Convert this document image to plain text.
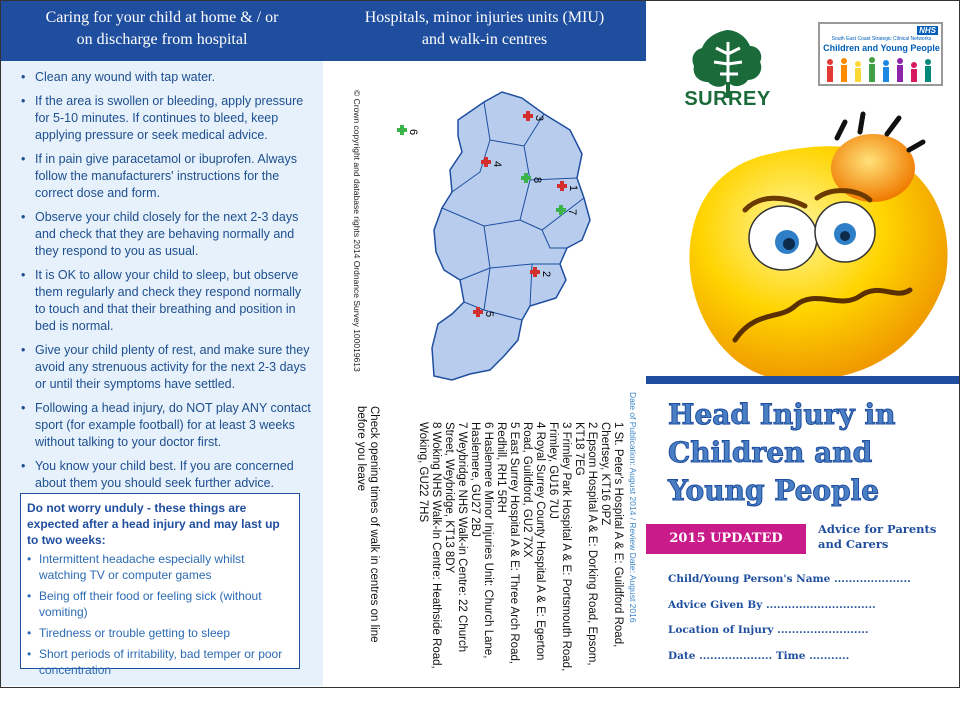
Caring for your child at home & / or
on discharge from hospital
• Clean any wound with tap water.
• If the area is swollen or bleeding, apply pressure for 5-10 minutes. If continues to bleed, keep applying pressure or seek medical advice.
• If in pain give paracetamol or ibuprofen. Always follow the manufacturers' instructions for the correct dose and form.
• Observe your child closely for the next 2-3 days and check that they are behaving normally and they respond to you as usual.
• It is OK to allow your child to sleep, but observe them regularly and check they respond normally to touch and that their breathing and position in bed is normal.
• Give your child plenty of rest, and make sure they avoid any strenuous activity for the next 2-3 days or until their symptoms have settled.
• Following a head injury, do NOT play ANY contact sport (for example football) for at least 3 weeks without talking to your doctor first.
• You know your child best. If you are concerned about them you should seek further advice.
Do not worry unduly - these things are expected after a head injury and may last up to two weeks:
• Intermittent headache especially whilst watching TV or computer games
• Being off their food or feeling sick (without vomiting)
• Tiredness or trouble getting to sleep
• Short periods of irritability, bad temper or poor concentration
Hospitals, minor injuries units (MIU)
and walk-in centres
© Crown copyright and database rights 2014 Ordnance Survey 100019613	3
6
4
8
1
7
2
5
1 St. Peter's Hospital A & E: Guildford Road, Chertsey, KT16 0PZ
2 Epsom Hospital A & E: Dorking Road, Epsom, KT18 7EG
3 Frimley Park Hospital A & E: Portsmouth Road, Frimley, GU16 7UJ
4 Royal Surrey County Hospital A & E: Egerton Road, Guildford, GU2 7XX
5 East Surrey Hospital A & E: Three Arch Road, Redhill, RH1 5RH
6 Haslemere Minor Injuries Unit: Church Lane, Haslemere, GU27 2BJ
7 Weybridge NHS Walk-in Centre: 22 Church Street, Weybridge, KT13 8DY
8 Woking NHS Walk-In Centre: Heathside Road, Woking, GU22 7HS
Check opening times of walk in centres on line before you leave	Date of Publication: August 2014 / Review Date: August 2016
SURREY
NHS
South East Coast Strategic Clinical Networks
Children and Young People
Head Injury in
Children and
Young People
2015 UPDATED
Advice for Parents
and Carers
Child/Young Person's Name .....................
Advice Given By ..............................
Location of Injury .........................
Date .................... Time ...........
